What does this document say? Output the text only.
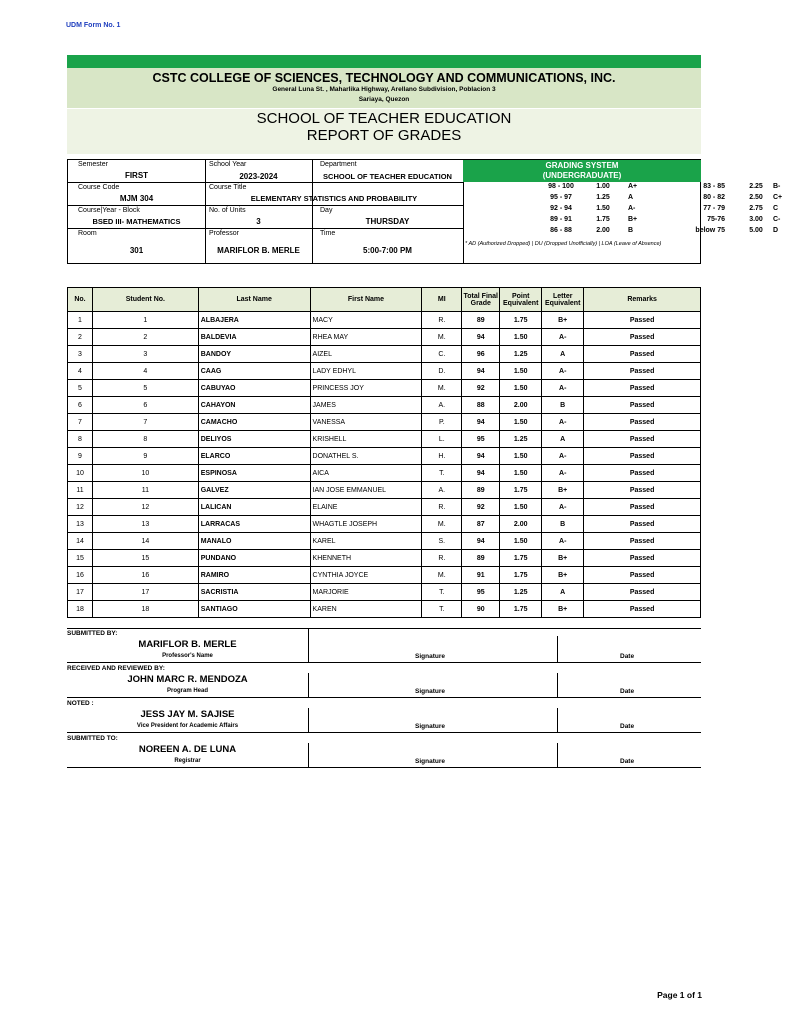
UDM Form No. 1
CSTC COLLEGE OF SCIENCES, TECHNOLOGY AND COMMUNICATIONS, INC.
General Luna St. , Maharlika Highway, Arellano Subdivision, Poblacion 3
Sariaya, Quezon
SCHOOL OF TEACHER EDUCATION
REPORT OF GRADES
Semester
FIRST
School Year
2023-2024
Department
SCHOOL OF TEACHER EDUCATION
Course Code
MJM 304
Course Title
ELEMENTARY STATISTICS AND PROBABILITY
Course|Year - Block
BSED III- MATHEMATICS
No. of Units
3
Day
THURSDAY
Room
301
Professor
MARIFLOR B. MERLE
Time
5:00-7:00 PM
GRADING SYSTEM
(UNDERGRADUATE)
98 - 100	1.00	A+	83 - 85	2.25	B-
95 - 97	1.25	A	80 - 82	2.50	C+
92 - 94	1.50	A-	77 - 79	2.75	C
89 - 91	1.75	B+	75-76	3.00	C-
86 - 88	2.00	B	below 75	5.00	D
* AD (Authorized Dropped) | DU (Dropped Unofficially) | LOA (Leave of Absence)
No.	Student No.	Last Name	First Name	MI	Total Final Grade	Point Equivalent	Letter Equivalent	Remarks
1	1	ALBAJERA	MACY	R.	89	1.75	B+	Passed
2	2	BALDEVIA	RHEA MAY	M.	94	1.50	A-	Passed
3	3	BANDOY	AIZEL	C.	96	1.25	A	Passed
4	4	CAAG	LADY EDHYL	D.	94	1.50	A-	Passed
5	5	CABUYAO	PRINCESS JOY	M.	92	1.50	A-	Passed
6	6	CAHAYON	JAMES	A.	88	2.00	B	Passed
7	7	CAMACHO	VANESSA	P.	94	1.50	A-	Passed
8	8	DELIYOS	KRISHELL	L.	95	1.25	A	Passed
9	9	ELARCO	DONATHEL S.	H.	94	1.50	A-	Passed
10	10	ESPINOSA	AICA	T.	94	1.50	A-	Passed
11	11	GALVEZ	IAN JOSE EMMANUEL	A.	89	1.75	B+	Passed
12	12	LALICAN	ELAINE	R.	92	1.50	A-	Passed
13	13	LARRACAS	WHAGTLE JOSEPH	M.	87	2.00	B	Passed
14	14	MANALO	KAREL	S.	94	1.50	A-	Passed
15	15	PUNDANO	KHENNETH	R.	89	1.75	B+	Passed
16	16	RAMIRO	CYNTHIA JOYCE	M.	91	1.75	B+	Passed
17	17	SACRISTIA	MARJORIE	T.	95	1.25	A	Passed
18	18	SANTIAGO	KAREN	T.	90	1.75	B+	Passed
SUBMITTED BY:
MARIFLOR B. MERLE
Professor's Name	Signature	Date
RECEIVED AND REVIEWED BY:
JOHN MARC R. MENDOZA
Program Head	Signature	Date
NOTED :
JESS JAY M. SAJISE
Vice President for Academic Affairs	Signature	Date
SUBMITTED TO:
NOREEN A. DE LUNA
Registrar	Signature	Date
Page 1 of 1
